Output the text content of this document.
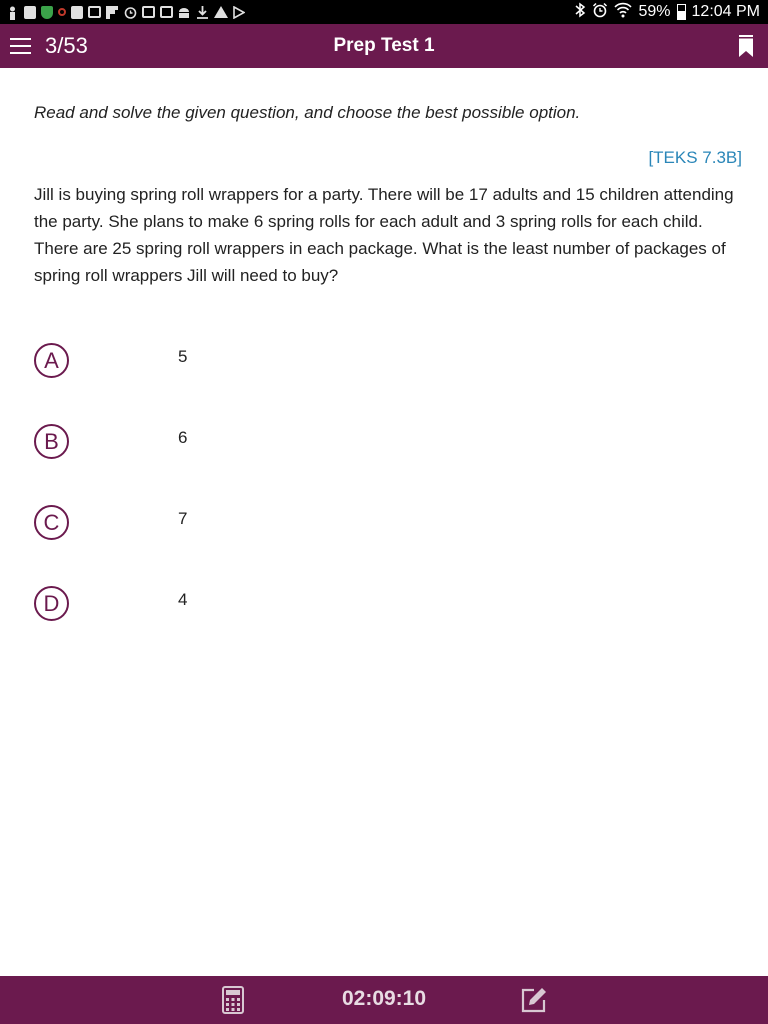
59% 12:04 PM
3/53	Prep Test 1
Read and solve the given question, and choose the best possible option.
[TEKS 7.3B]
Jill is buying spring roll wrappers for a party. There will be 17 adults and 15 children attending the party. She plans to make 6 spring rolls for each adult and 3 spring rolls for each child. There are 25 spring roll wrappers in each package. What is the least number of packages of spring roll wrappers Jill will need to buy?
A	5
B	6
C	7
D	4
02:09:10
